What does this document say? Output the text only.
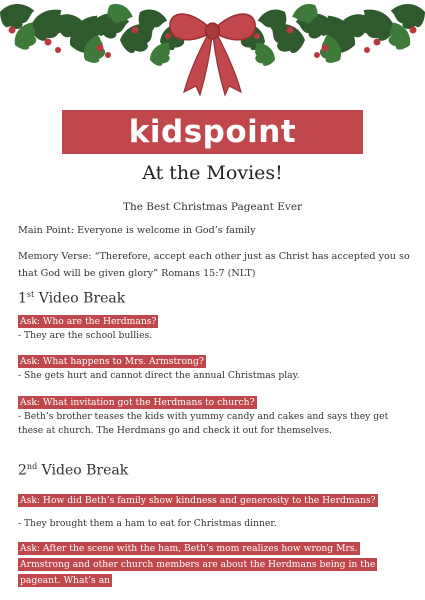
kidspoint
At the Movies!
The Best Christmas Pageant Ever
Main Point: Everyone is welcome in God’s family
Memory Verse: “Therefore, accept each other just as Christ has accepted you so that God will be given glory” Romans 15:7 (NLT)
1st Video Break
Ask: Who are the Herdmans?
- They are the school bullies.
Ask: What happens to Mrs. Armstrong?
- She gets hurt and cannot direct the annual Christmas play.
Ask: What invitation got the Herdmans to church?
- Beth’s brother teases the kids with yummy candy and cakes and says they get these at church. The Herdmans go and check it out for themselves.
2nd Video Break
Ask: How did Beth’s family show kindness and generosity to the Herdmans?
- They brought them a ham to eat for Christmas dinner.
Ask: After the scene with the ham, Beth’s mom realizes how wrong Mrs. Armstrong and other church members are about the Herdmans being in the pageant. What’s an
